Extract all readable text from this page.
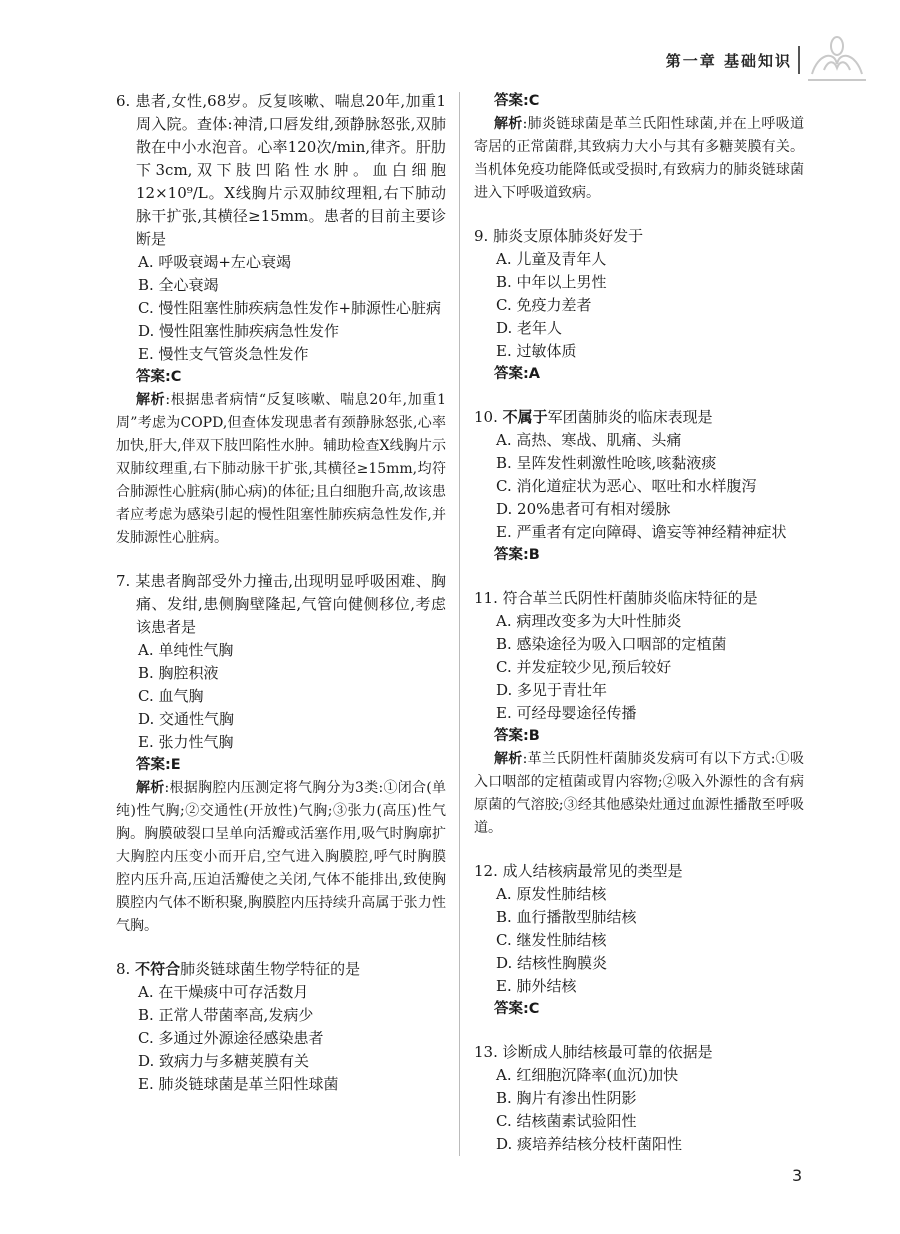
第一章 基础知识
6. 患者,女性,68岁。反复咳嗽、喘息20年,加重1周入院。查体:神清,口唇发绀,颈静脉怒张,双肺散在中小水泡音。心率120次/min,律齐。肝肋下3cm,双下肢凹陷性水肿。血白细胞12×10⁹/L。X线胸片示双肺纹理粗,右下肺动脉干扩张,其横径≥15mm。患者的目前主要诊断是
A. 呼吸衰竭+左心衰竭
B. 全心衰竭
C. 慢性阻塞性肺疾病急性发作+肺源性心脏病
D. 慢性阻塞性肺疾病急性发作
E. 慢性支气管炎急性发作
答案:C
解析:根据患者病情“反复咳嗽、喘息20年,加重1周”考虑为COPD,但查体发现患者有颈静脉怒张,心率加快,肝大,伴双下肢凹陷性水肿。辅助检查X线胸片示双肺纹理重,右下肺动脉干扩张,其横径≥15mm,均符合肺源性心脏病(肺心病)的体征;且白细胞升高,故该患者应考虑为感染引起的慢性阻塞性肺疾病急性发作,并发肺源性心脏病。
7. 某患者胸部受外力撞击,出现明显呼吸困难、胸痛、发绀,患侧胸壁隆起,气管向健侧移位,考虑该患者是
A. 单纯性气胸
B. 胸腔积液
C. 血气胸
D. 交通性气胸
E. 张力性气胸
答案:E
解析:根据胸腔内压测定将气胸分为3类:①闭合(单纯)性气胸;②交通性(开放性)气胸;③张力(高压)性气胸。胸膜破裂口呈单向活瓣或活塞作用,吸气时胸廓扩大胸腔内压变小而开启,空气进入胸膜腔,呼气时胸膜腔内压升高,压迫活瓣使之关闭,气体不能排出,致使胸膜腔内气体不断积聚,胸膜腔内压持续升高属于张力性气胸。
8. 不符合肺炎链球菌生物学特征的是
A. 在干燥痰中可存活数月
B. 正常人带菌率高,发病少
C. 多通过外源途径感染患者
D. 致病力与多糖荚膜有关
E. 肺炎链球菌是革兰阳性球菌
答案:C
解析:肺炎链球菌是革兰氏阳性球菌,并在上呼吸道寄居的正常菌群,其致病力大小与其有多糖荚膜有关。当机体免疫功能降低或受损时,有致病力的肺炎链球菌进入下呼吸道致病。
9. 肺炎支原体肺炎好发于
A. 儿童及青年人
B. 中年以上男性
C. 免疫力差者
D. 老年人
E. 过敏体质
答案:A
10. 不属于军团菌肺炎的临床表现是
A. 高热、寒战、肌痛、头痛
B. 呈阵发性刺激性呛咳,咳黏液痰
C. 消化道症状为恶心、呕吐和水样腹泻
D. 20%患者可有相对缓脉
E. 严重者有定向障碍、谵妄等神经精神症状
答案:B
11. 符合革兰氏阴性杆菌肺炎临床特征的是
A. 病理改变多为大叶性肺炎
B. 感染途径为吸入口咽部的定植菌
C. 并发症较少见,预后较好
D. 多见于青壮年
E. 可经母婴途径传播
答案:B
解析:革兰氏阴性杆菌肺炎发病可有以下方式:①吸入口咽部的定植菌或胃内容物;②吸入外源性的含有病原菌的气溶胶;③经其他感染灶通过血源性播散至呼吸道。
12. 成人结核病最常见的类型是
A. 原发性肺结核
B. 血行播散型肺结核
C. 继发性肺结核
D. 结核性胸膜炎
E. 肺外结核
答案:C
13. 诊断成人肺结核最可靠的依据是
A. 红细胞沉降率(血沉)加快
B. 胸片有渗出性阴影
C. 结核菌素试验阳性
D. 痰培养结核分枝杆菌阳性
3
